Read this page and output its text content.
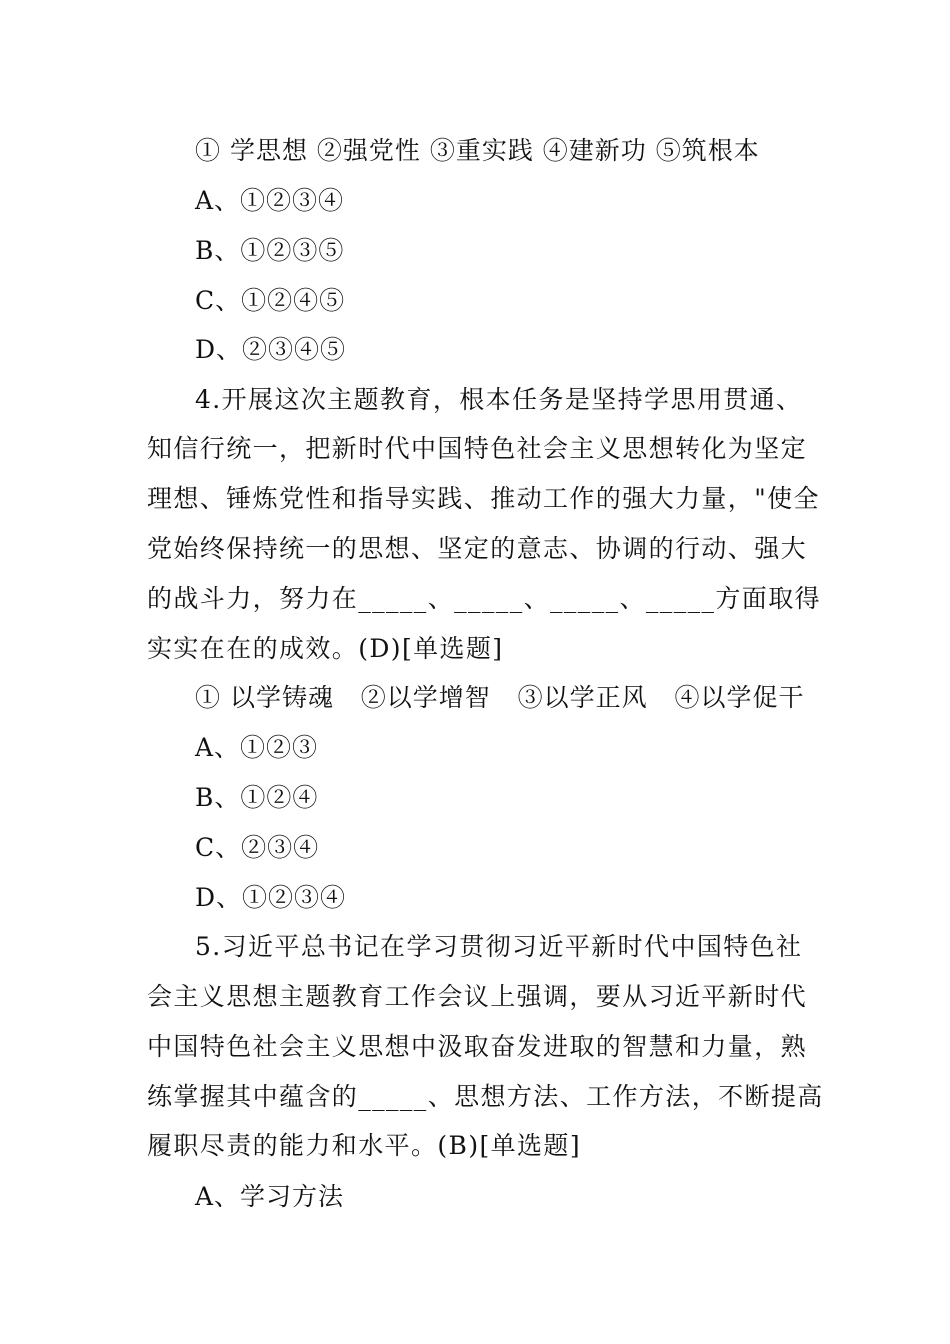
① 学思想 ②强党性 ③重实践 ④建新功 ⑤筑根本
A、①②③④
B、①②③⑤
C、①②④⑤
D、②③④⑤
4.开展这次主题教育，根本任务是坚持学思用贯通、
知信行统一，把新时代中国特色社会主义思想转化为坚定
理想、锤炼党性和指导实践、推动工作的强大力量，"使全
党始终保持统一的思想、坚定的意志、协调的行动、强大
的战斗力，努力在_____、_____、_____、_____方面取得
实实在在的成效。(D)[单选题]
① 以学铸魂   ②以学增智   ③以学正风   ④以学促干
A、①②③
B、①②④
C、②③④
D、①②③④
5.习近平总书记在学习贯彻习近平新时代中国特色社
会主义思想主题教育工作会议上强调，要从习近平新时代
中国特色社会主义思想中汲取奋发进取的智慧和力量，熟
练掌握其中蕴含的_____、思想方法、工作方法，不断提高
履职尽责的能力和水平。(B)[单选题]
A、学习方法
